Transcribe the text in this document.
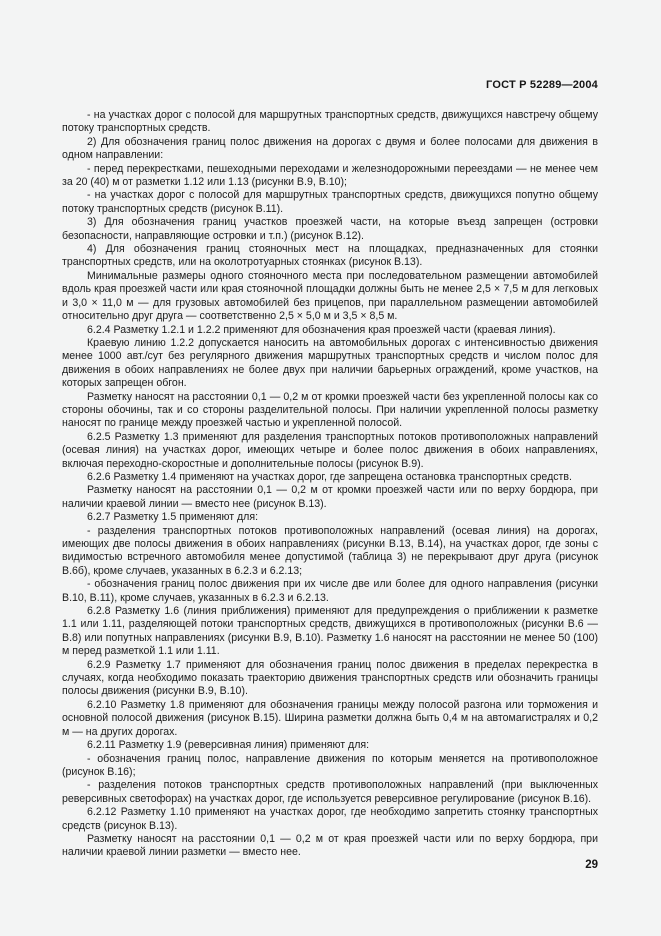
ГОСТ Р 52289—2004

- на участках дорог с полосой для маршрутных транспортных средств, движущихся навстречу общему потоку транспортных средств.

2) Для обозначения границ полос движения на дорогах с двумя и более полосами для движения в одном направлении:

- перед перекрестками, пешеходными переходами и железнодорожными переездами — не менее чем за 20 (40) м от разметки 1.12 или 1.13 (рисунки В.9, В.10);

- на участках дорог с полосой для маршрутных транспортных средств, движущихся попутно общему потоку транспортных средств (рисунок В.11).

3) Для обозначения границ участков проезжей части, на которые въезд запрещен (островки безопасности, направляющие островки и т.п.) (рисунок В.12).

4) Для обозначения границ стояночных мест на площадках, предназначенных для стоянки транспортных средств, или на околотротуарных стоянках (рисунок В.13).

Минимальные размеры одного стояночного места при последовательном размещении автомобилей вдоль края проезжей части или края стояночной площадки должны быть не менее 2,5 × 7,5 м для легковых и 3,0 × 11,0 м — для грузовых автомобилей без прицепов, при параллельном размещении автомобилей относительно друг друга — соответственно 2,5 × 5,0 м и 3,5 × 8,5 м.

6.2.4 Разметку 1.2.1 и 1.2.2 применяют для обозначения края проезжей части (краевая линия).

Краевую линию 1.2.2 допускается наносить на автомобильных дорогах с интенсивностью движения менее 1000 авт./сут без регулярного движения маршрутных транспортных средств и числом полос для движения в обоих направлениях не более двух при наличии барьерных ограждений, кроме участков, на которых запрещен обгон.

Разметку наносят на расстоянии 0,1 — 0,2 м от кромки проезжей части без укрепленной полосы как со стороны обочины, так и со стороны разделительной полосы. При наличии укрепленной полосы разметку наносят по границе между проезжей частью и укрепленной полосой.

6.2.5 Разметку 1.3 применяют для разделения транспортных потоков противоположных направлений (осевая линия) на участках дорог, имеющих четыре и более полос движения в обоих направлениях, включая переходно-скоростные и дополнительные полосы (рисунок В.9).

6.2.6 Разметку 1.4 применяют на участках дорог, где запрещена остановка транспортных средств.

Разметку наносят на расстоянии 0,1 — 0,2 м от кромки проезжей части или по верху бордюра, при наличии краевой линии — вместо нее (рисунок В.13).

6.2.7 Разметку 1.5 применяют для:

- разделения транспортных потоков противоположных направлений (осевая линия) на дорогах, имеющих две полосы движения в обоих направлениях (рисунки В.13, В.14), на участках дорог, где зоны с видимостью встречного автомобиля менее допустимой (таблица 3) не перекрывают друг друга (рисунок В.6б), кроме случаев, указанных в 6.2.3 и 6.2.13;

- обозначения границ полос движения при их числе две или более для одного направления (рисунки В.10, В.11), кроме случаев, указанных в 6.2.3 и 6.2.13.

6.2.8 Разметку 1.6 (линия приближения) применяют для предупреждения о приближении к разметке 1.1 или 1.11, разделяющей потоки транспортных средств, движущихся в противоположных (рисунки В.6 — В.8) или попутных направлениях (рисунки В.9, В.10). Разметку 1.6 наносят на расстоянии не менее 50 (100) м перед разметкой 1.1 или 1.11.

6.2.9 Разметку 1.7 применяют для обозначения границ полос движения в пределах перекрестка в случаях, когда необходимо показать траекторию движения транспортных средств или обозначить границы полосы движения (рисунки В.9, В.10).

6.2.10 Разметку 1.8 применяют для обозначения границы между полосой разгона или торможения и основной полосой движения (рисунок В.15). Ширина разметки должна быть 0,4 м на автомагистралях и 0,2 м — на других дорогах.

6.2.11 Разметку 1.9 (реверсивная линия) применяют для:

- обозначения границ полос, направление движения по которым меняется на противоположное (рисунок В.16);

- разделения потоков транспортных средств противоположных направлений (при выключенных реверсивных светофорах) на участках дорог, где используется реверсивное регулирование (рисунок В.16).

6.2.12 Разметку 1.10 применяют на участках дорог, где необходимо запретить стоянку транспортных средств (рисунок В.13).

Разметку наносят на расстоянии 0,1 — 0,2 м от края проезжей части или по верху бордюра, при наличии краевой линии разметки — вместо нее.

29
